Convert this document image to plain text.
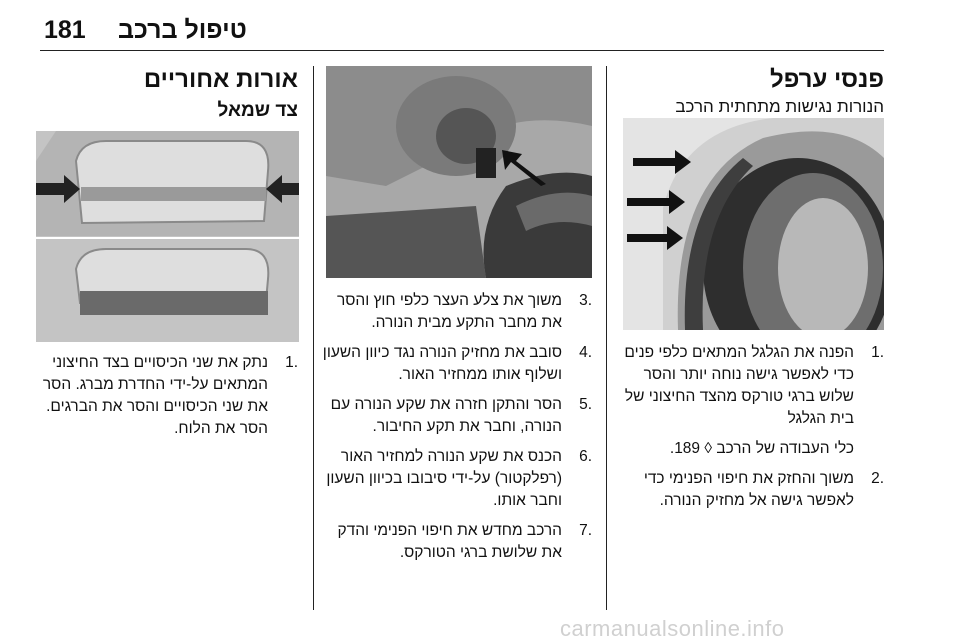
181 טיפול ברכב
פנסי ערפל
הנורות נגישות מתחתית הרכב
.1
הפנה את הגלגל המתאים כלפי פנים כדי לאפשר גישה נוחה יותר והסר שלוש ברגי טורקס מהצד החיצוני של בית הגלגל
כלי העבודה של הרכב ◊ 189.
.2
משוך והחזק את חיפוי הפנימי כדי לאפשר גישה אל מחזיק הנורה.
.3
משוך את צלע העצר כלפי חוץ והסר את מחבר התקע מבית הנורה.
.4
סובב את מחזיק הנורה נגד כיוון השעון ושלוף אותו ממחזיר האור.
.5
הסר והתקן חזרה את שקע הנורה עם הנורה, וחבר את תקע החיבור.
.6
הכנס את שקע הנורה למחזיר האור (רפלקטור) על-ידי סיבובו בכיוון השעון וחבר אותו.
.7
הרכב מחדש את חיפוי הפנימי והדק את שלושת ברגי הטורקס.
אורות אחוריים
צד שמאל
.1
נתק את שני הכיסויים בצד החיצוני המתאים על-ידי החדרת מברג. הסר את שני הכיסויים והסר את הברגים. הסר את הלוח.
carmanualsonline.info
